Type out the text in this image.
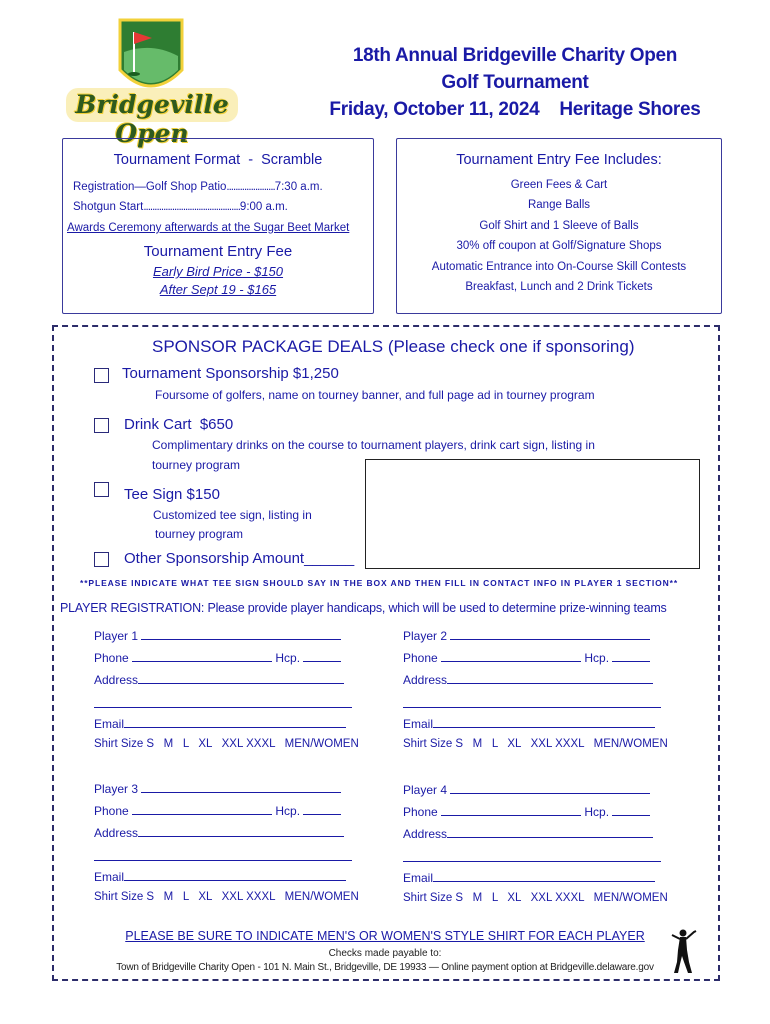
Bridgeville Open
18th Annual Bridgeville Charity Open
Golf Tournament
Friday, October 11, 2024    Heritage Shores
Tournament Format  -  Scramble
Registration—Golf Shop Patio......................7:30 a.m.
Shotgun Start............................................9:00 a.m.
Awards Ceremony afterwards at the Sugar Beet Market
Tournament Entry Fee
Early Bird Price - $150
After Sept 19 - $165
Tournament Entry Fee Includes:
Green Fees & Cart
Range Balls
Golf Shirt and 1 Sleeve of Balls
30% off coupon at Golf/Signature Shops
Automatic Entrance into On-Course Skill Contests
Breakfast, Lunch and 2 Drink Tickets
SPONSOR PACKAGE DEALS (Please check one if sponsoring)
Tournament Sponsorship $1,250
Foursome of golfers, name on tourney banner, and full page ad in tourney program
Drink Cart  $650
Complimentary drinks on the course to tournament players, drink cart sign, listing in
tourney program
Tee Sign $150
Customized tee sign, listing in
tourney program
Other Sponsorship Amount______
**PLEASE INDICATE WHAT TEE SIGN SHOULD SAY IN THE BOX AND THEN FILL IN CONTACT INFO IN PLAYER 1 SECTION**
PLAYER REGISTRATION: Please provide player handicaps, which will be used to determine prize-winning teams
Player 1
Phone	Hcp.
Address
Email
Shirt Size S   M   L   XL   XXL XXXL   MEN/WOMEN
Player 2
Phone	Hcp.
Address
Email
Shirt Size S   M   L   XL   XXL XXXL   MEN/WOMEN
Player 3
Phone	Hcp.
Address
Email
Shirt Size S   M   L   XL   XXL XXXL   MEN/WOMEN
Player 4
Phone	Hcp.
Address
Email
Shirt Size S   M   L   XL   XXL XXXL   MEN/WOMEN
PLEASE BE SURE TO INDICATE MEN'S OR WOMEN'S STYLE SHIRT FOR EACH PLAYER
Checks made payable to:
Town of Bridgeville Charity Open - 101 N. Main St., Bridgeville, DE 19933 — Online payment option at Bridgeville.delaware.gov
